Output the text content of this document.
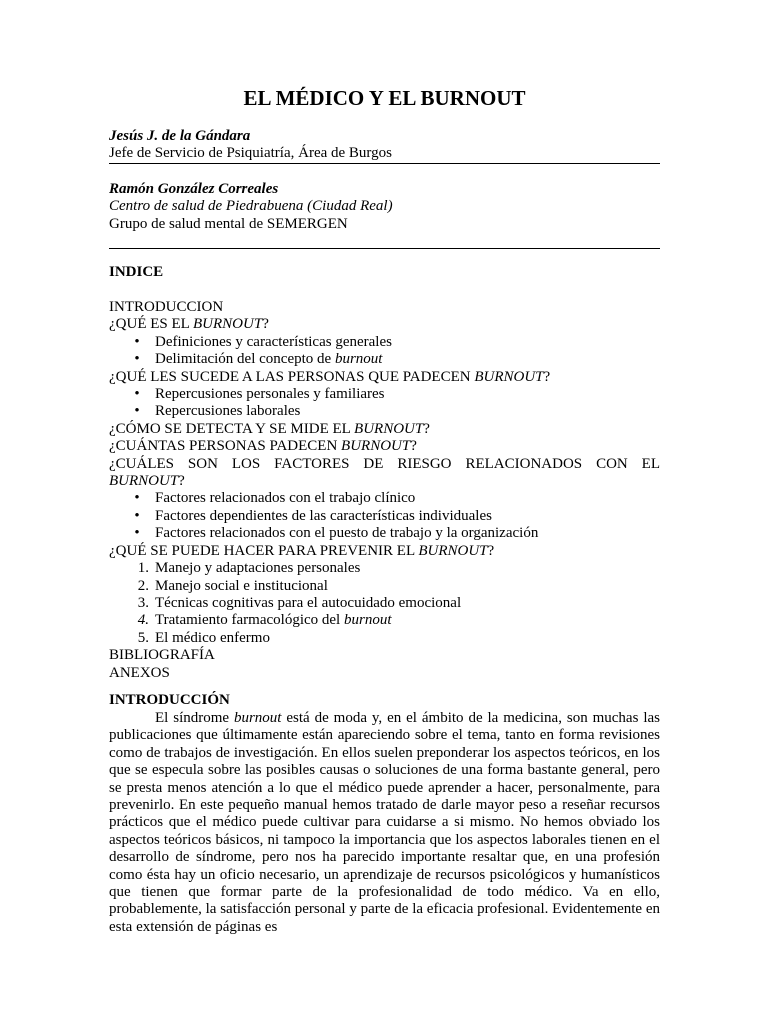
EL MÉDICO Y EL BURNOUT
Jesús J. de la Gándara
Jefe de Servicio de Psiquiatría, Área de Burgos
Ramón González Correales
Centro de salud de Piedrabuena (Ciudad Real)
Grupo de salud mental de SEMERGEN
INDICE
INTRODUCCION
¿QUÉ ES EL BURNOUT?
• Definiciones y características generales
• Delimitación del concepto de burnout
¿QUÉ LES SUCEDE A LAS PERSONAS QUE PADECEN BURNOUT?
• Repercusiones personales y familiares
• Repercusiones laborales
¿CÓMO SE DETECTA Y SE MIDE EL BURNOUT?
¿CUÁNTAS PERSONAS PADECEN BURNOUT?
¿CUÁLES SON LOS FACTORES DE RIESGO RELACIONADOS CON EL
BURNOUT?
• Factores relacionados con el trabajo clínico
• Factores dependientes de las características individuales
• Factores relacionados con el puesto de trabajo y la organización
¿QUÉ SE PUEDE HACER PARA PREVENIR EL BURNOUT?
1. Manejo y adaptaciones personales
2. Manejo social e institucional
3. Técnicas cognitivas para el autocuidado emocional
4. Tratamiento farmacológico del burnout
5. El médico enfermo
BIBLIOGRAFÍA
ANEXOS
INTRODUCCIÓN

El síndrome burnout está de moda y, en el ámbito de la medicina, son muchas las publicaciones que últimamente están apareciendo sobre el tema, tanto en forma revisiones como de trabajos de investigación. En ellos suelen preponderar los aspectos teóricos, en los que se especula sobre las posibles causas o soluciones de una forma bastante general, pero se presta menos atención a lo que el médico puede aprender a hacer, personalmente, para prevenirlo. En este pequeño manual hemos tratado de darle mayor peso a reseñar recursos prácticos que el médico puede cultivar para cuidarse a si mismo. No hemos obviado los aspectos teóricos básicos, ni tampoco la importancia que los aspectos laborales tienen en el desarrollo de síndrome, pero nos ha parecido importante resaltar que, en una profesión como ésta hay un oficio necesario, un aprendizaje de recursos psicológicos y humanísticos que tienen que formar parte de la profesionalidad de todo médico. Va en ello, probablemente, la satisfacción personal y parte de la eficacia profesional. Evidentemente en esta extensión de páginas es
